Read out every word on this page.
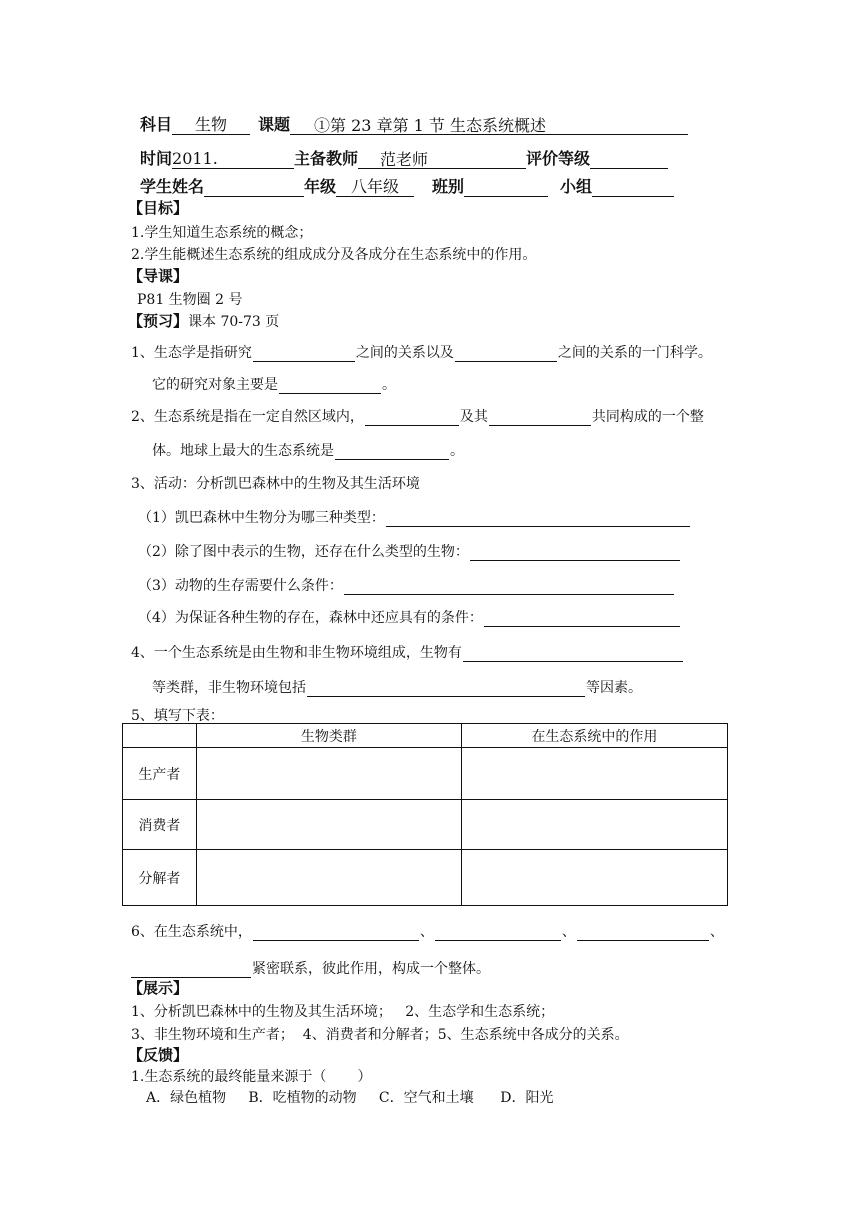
科目 生物 课题 ①第 23 章第 1 节 生态系统概述
时间2011.	主备教师 范老师	评价等级
学生姓名	年级 八年级 班别	小组
【目标】
1.学生知道生态系统的概念；
2.学生能概述生态系统的组成成分及各成分在生态系统中的作用。
【导课】
P81 生物圈 2 号
【预习】课本 70-73 页
1、生态学是指研究	之间的关系以及	之间的关系的一门科学。
它的研究对象主要是	。
2、生态系统是指在一定自然区域内，	及其	共同构成的一个整
体。地球上最大的生态系统是	。
3、活动：分析凯巴森林中的生物及其生活环境
（1）凯巴森林中生物分为哪三种类型：
（2）除了图中表示的生物，还存在什么类型的生物：
（3）动物的生存需要什么条件：
（4）为保证各种生物的存在，森林中还应具有的条件：
4、一个生态系统是由生物和非生物环境组成，生物有
等类群，非生物环境包括	等因素。
5、填写下表：
	生物类群	在生态系统中的作用
生产者		
消费者		
分解者		
6、在生态系统中，	、	、	、
紧密联系，彼此作用，构成一个整体。
【展示】
1、分析凯巴森林中的生物及其生活环境；   2、生态学和生态系统；
3、非生物环境和生产者；  4、消费者和分解者；5、生态系统中各成分的关系。
【反馈】
1.生态系统的最终能量来源于（       ）
A．绿色植物     B．吃植物的动物     C．空气和土壤      D．阳光
